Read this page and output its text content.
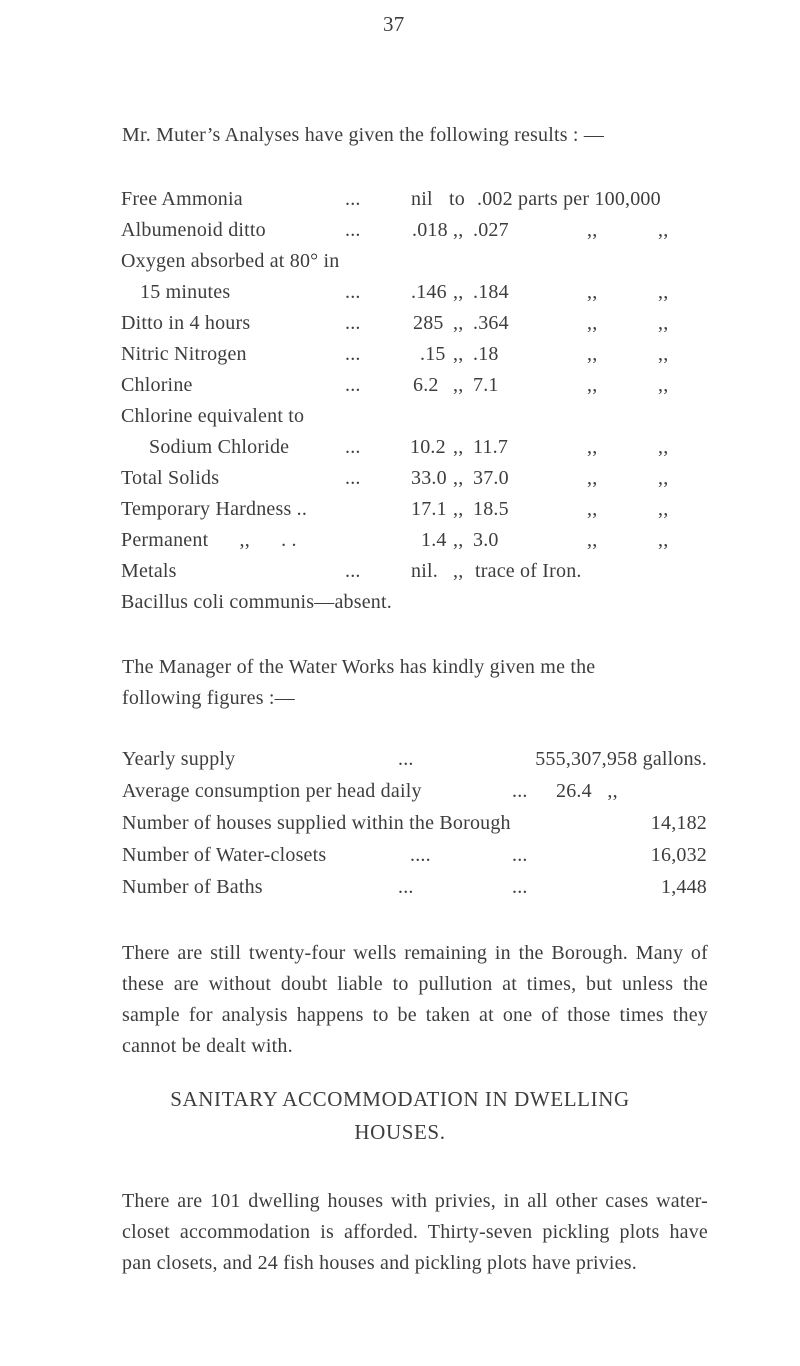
37
Mr. Muter’s Analyses have given the following results : —
Free Ammonia	...	nil to .002 parts per 100,000
Albumenoid ditto	...	.018 ,, .027	,,	,,
Oxygen absorbed at 80° in
15 minutes	...	.146 ,, .184	,,	,,
Ditto in 4 hours	...	285 ,, .364	,,	,,
Nitric Nitrogen	...	.15 ,, .18	,,	,,
Chlorine	...	6.2 ,, 7.1	,,	,,
Chlorine equivalent to
Sodium Chloride	... 10.2 ,, 11.7	,,	,,
Total Solids	...	33.0 ,, 37.0	,,	,,
Temporary Hardness ..	17.1 ,, 18.5	,,	,,
Permanent      ,,      . .	1.4 ,, 3.0	,,	,,
Metals	...	nil. ,, trace of Iron.
Bacillus coli communis—absent.
The Manager of the Water Works has kindly given me the
following figures :—
Yearly supply	...	555,307,958 gallons.
Average consumption per head daily	... 26.4   ,,
Number of houses supplied within the Borough	14,182
Number of Water-closets	....	...	16,032
Number of Baths	...	...	1,448
There are still twenty-four wells remaining in the Borough. Many of these are without doubt liable to pullution at times, but unless the sample for analysis happens to be taken at one of those times they cannot be dealt with.
SANITARY ACCOMMODATION IN DWELLING
HOUSES.
There are 101 dwelling houses with privies, in all other cases water-closet accommodation is afforded. Thirty-seven pickling plots have pan closets, and 24 fish houses and pickling plots have privies.
